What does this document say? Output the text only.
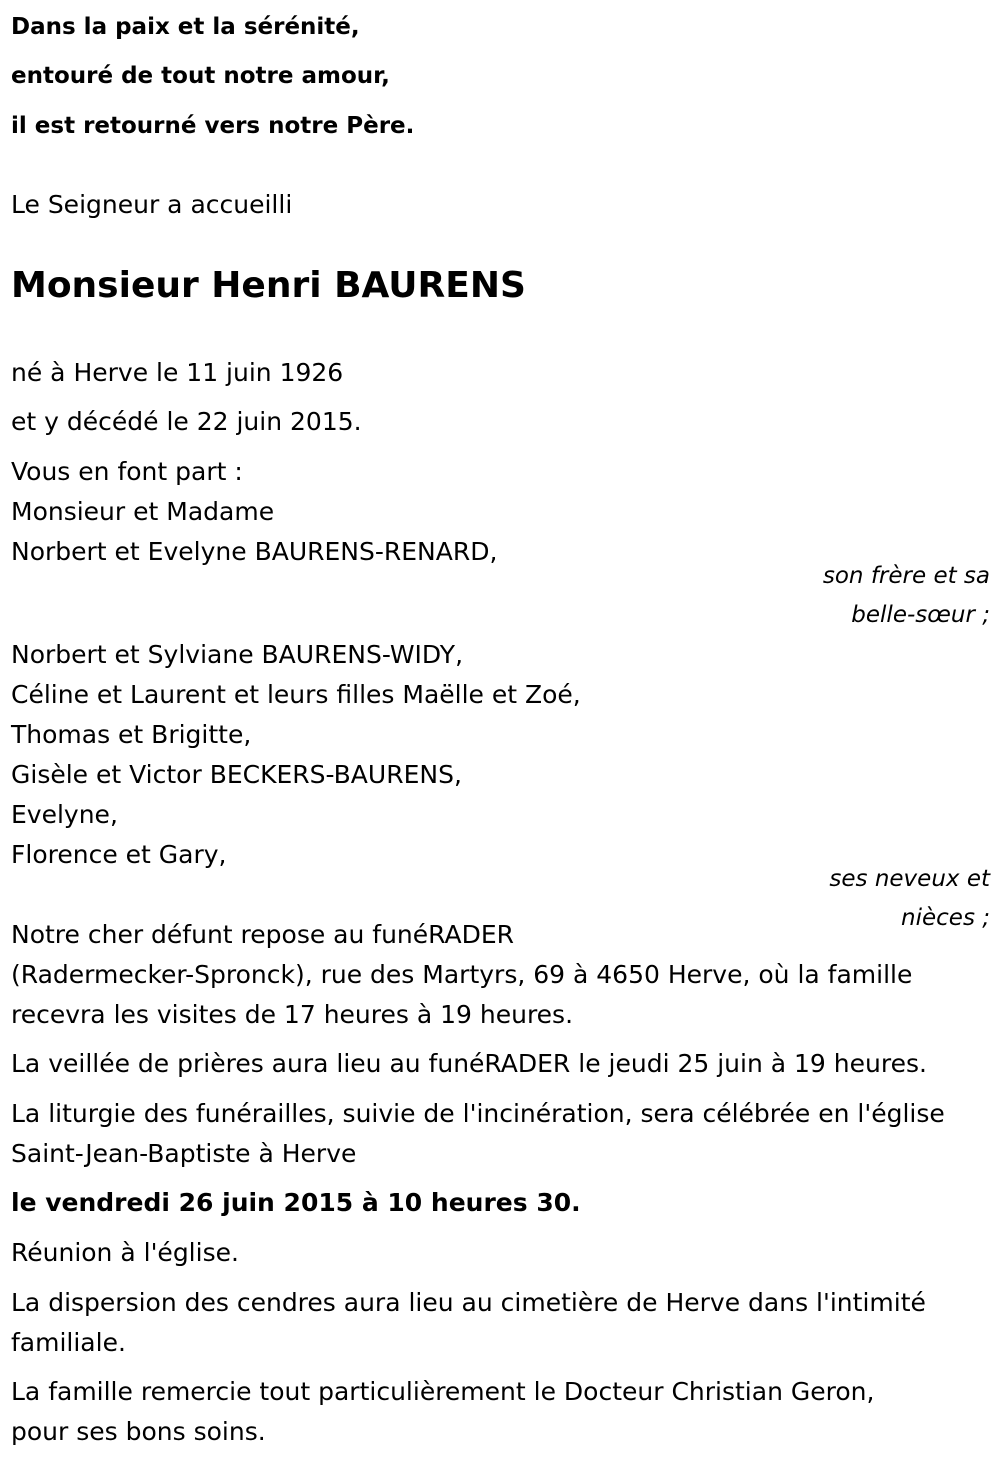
Dans la paix et la sérénité,
entouré de tout notre amour,
il est retourné vers notre Père.
Le Seigneur a accueilli
Monsieur Henri BAURENS
né à Herve le 11 juin 1926
et y décédé le 22 juin 2015.
Vous en font part :
Monsieur et Madame
Norbert et Evelyne BAURENS-RENARD,
son frère et sa
belle-sœur ;
Norbert et Sylviane BAURENS-WIDY,
Céline et Laurent et leurs filles Maëlle et Zoé,
Thomas et Brigitte,
Gisèle et Victor BECKERS-BAURENS,
Evelyne,
Florence et Gary,
ses neveux et
nièces ;
Notre cher défunt repose au funéRADER
(Radermecker-Spronck), rue des Martyrs, 69 à 4650 Herve, où la famille
recevra les visites de 17 heures à 19 heures.
La veillée de prières aura lieu au funéRADER le jeudi 25 juin à 19 heures.
La liturgie des funérailles, suivie de l'incinération, sera célébrée en l'église
Saint-Jean-Baptiste à Herve
le vendredi 26 juin 2015 à 10 heures 30.
Réunion à l'église.
La dispersion des cendres aura lieu au cimetière de Herve dans l'intimité
familiale.
La famille remercie tout particulièrement le Docteur Christian Geron,
pour ses bons soins.
